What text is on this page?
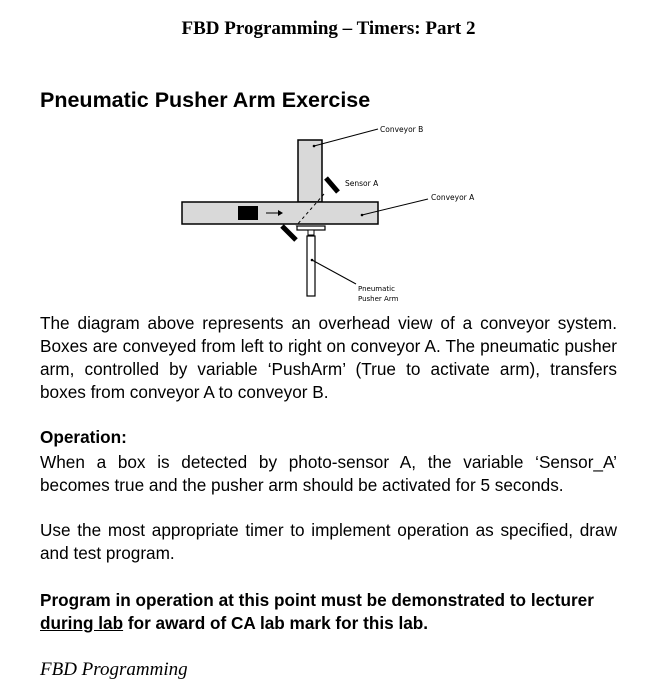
FBD Programming – Timers: Part 2
Pneumatic Pusher Arm Exercise
Conveyor B
Conveyor A
Sensor A
Pneumatic
Pusher Arm
The diagram above represents an overhead view of a conveyor system. Boxes are conveyed from left to right on conveyor A. The pneumatic pusher arm, controlled by variable ‘PushArm’ (True to activate arm), transfers boxes from conveyor A to conveyor B.
Operation:
When a box is detected by photo-sensor A, the variable ‘Sensor_A’ becomes true and the pusher arm should be activated for 5 seconds.
Use the most appropriate timer to implement operation as specified, draw and test program.
Program in operation at this point must be demonstrated to lecturer during lab for award of CA lab mark for this lab.
FBD Programming
